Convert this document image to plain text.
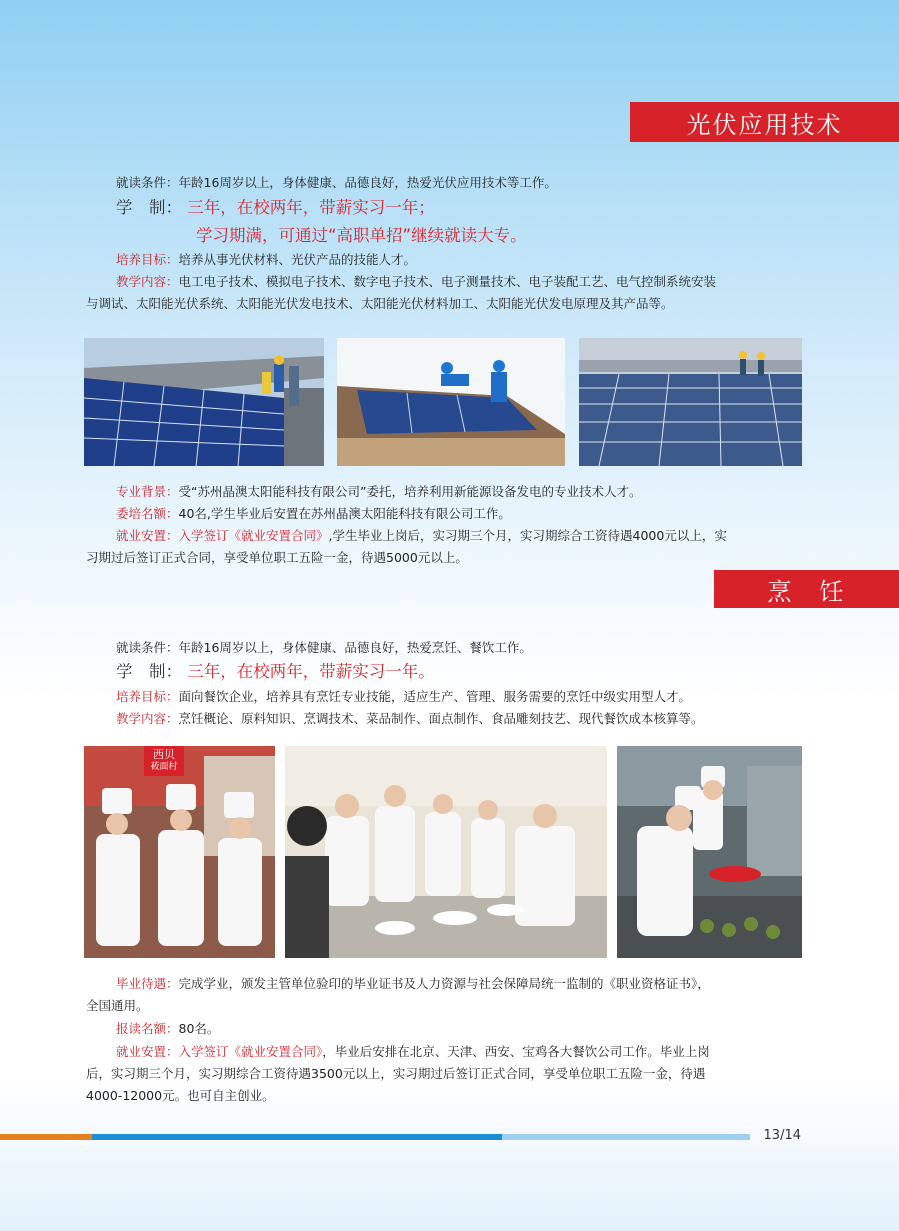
光伏应用技术
就读条件：年龄16周岁以上，身体健康、品德良好，热爱光伏应用技术等工作。
学　制： 三年，在校两年，带薪实习一年；
学习期满，可通过“高职单招”继续就读大专。
培养目标：培养从事光伏材料、光伏产品的技能人才。
教学内容：电工电子技术、模拟电子技术、数字电子技术、电子测量技术、电子装配工艺、电气控制系统安装
与调试、太阳能光伏系统、太阳能光伏发电技术、太阳能光伏材料加工、太阳能光伏发电原理及其产品等。
专业背景：受“苏州晶澳太阳能科技有限公司”委托，培养利用新能源设备发电的专业技术人才。
委培名额：40名,学生毕业后安置在苏州晶澳太阳能科技有限公司工作。
就业安置：入学签订《就业安置合同》,学生毕业上岗后，实习期三个月，实习期综合工资待遇4000元以上，实
习期过后签订正式合同，享受单位职工五险一金，待遇5000元以上。
烹　饪
就读条件：年龄16周岁以上，身体健康、品德良好，热爱烹饪、餐饮工作。
学　制： 三年，在校两年，带薪实习一年。
培养目标：面向餐饮企业，培养具有烹饪专业技能，适应生产、管理、服务需要的烹饪中级实用型人才。
教学内容：烹饪概论、原料知识、烹调技术、菜品制作、面点制作、食品雕刻技艺、现代餐饮成本核算等。
西贝
莜面村
毕业待遇：完成学业，颁发主管单位验印的毕业证书及人力资源与社会保障局统一监制的《职业资格证书》，
全国通用。
报读名额：80名。
就业安置：入学签订《就业安置合同》，毕业后安排在北京、天津、西安、宝鸡各大餐饮公司工作。毕业上岗
后，实习期三个月，实习期综合工资待遇3500元以上，实习期过后签订正式合同，享受单位职工五险一金，待遇
4000-12000元。也可自主创业。
13/14
